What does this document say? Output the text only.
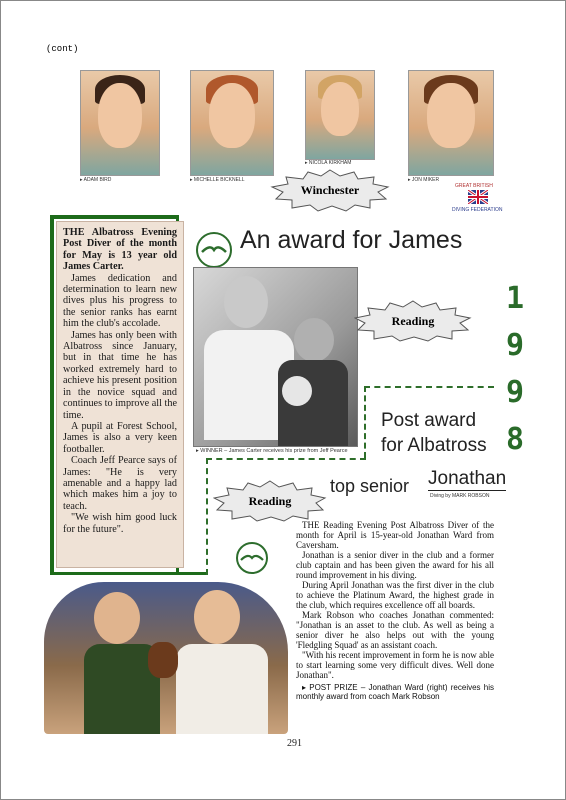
(cont)
▸ ADAM BIRD	▸ MICHELLE BICKNELL
▸ NICOLA KIRKHAM
▸ JON MIKER
Winchester	GREAT BRITISH
DIVING FEDERATION

THE Albatross Evening Post Diver of the month for May is 13 year old James Carter.

James dedication and determination to learn new dives plus his progress to the senior ranks has earnt him the club's accolade.

James has only been with Albatross since January, but in that time he has worked extremely hard to achieve his present position in the novice squad and continues to improve all the time.

A pupil at Forest School, James is also a very keen footballer.

Coach Jeff Pearce says of James: "He is very amenable and a happy lad which makes him a joy to teach.

"We wish him good luck for the future".

An award for James
▸ WINNER – James Carter receives his prize from Jeff Pearce
Reading
1
9
9
8
Post award
for Albatross
top senior Jonathan
Diving by MARK ROBSON
Reading

THE Reading Evening Post Albatross Diver of the month for April is 15-year-old Jonathan Ward from Caversham.

Jonathan is a senior diver in the club and a former club captain and has been given the award for his all round improvement in his diving.

During April Jonathan was the first diver in the club to achieve the Platinum Award, the highest grade in the club, which requires excellence off all boards.

Mark Robson who coaches Jonathan commented: "Jonathan is an asset to the club. As well as being a senior diver he also helps out with the young 'Fledgling Squad' as an assistant coach.

"With his recent improvement in form he is now able to start learning some very difficult dives. Well done Jonathan".

▸ POST PRIZE – Jonathan Ward (right) receives his monthly award from coach Mark Robson

291
